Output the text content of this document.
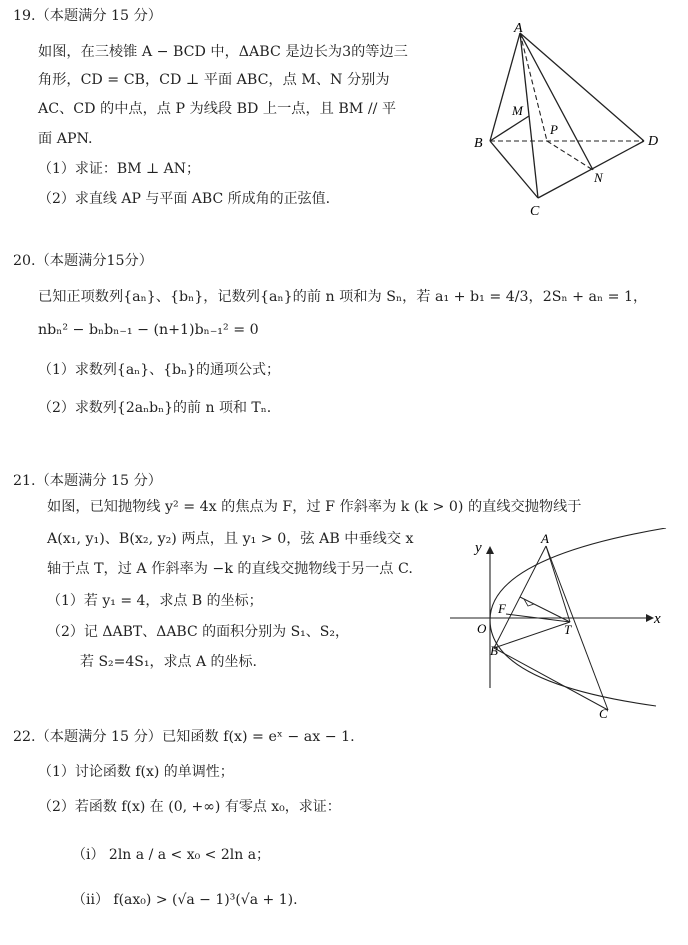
19.（本题满分 15 分）
如图，在三棱锥 A − BCD 中，ΔABC 是边长为3的等边三
角形，CD = CB，CD ⊥ 平面 ABC，点 M、N 分别为
AC、CD 的中点，点 P 为线段 BD 上一点，且 BM // 平
面 APN.
（1）求证：BM ⊥ AN；
（2）求直线 AP 与平面 ABC 所成角的正弦值.
A
B
C
D
M
P
N
20.（本题满分15分）
已知正项数列{aₙ}、{bₙ}，记数列{aₙ}的前 n 项和为 Sₙ，若 a₁ + b₁ = 4/3，2Sₙ + aₙ = 1，
nbₙ² − bₙbₙ₋₁ − (n+1)bₙ₋₁² = 0
（1）求数列{aₙ}、{bₙ}的通项公式；
（2）求数列{2aₙbₙ}的前 n 项和 Tₙ.
21.（本题满分 15 分）
如图，已知抛物线 y² = 4x 的焦点为 F，过 F 作斜率为 k (k > 0) 的直线交抛物线于
A(x₁, y₁)、B(x₂, y₂) 两点，且 y₁ > 0，弦 AB 中垂线交 x
轴于点 T，过 A 作斜率为 −k 的直线交抛物线于另一点 C.
（1）若 y₁ = 4，求点 B 的坐标；
（2）记 ΔABT、ΔABC 的面积分别为 S₁、S₂，
若 S₂=4S₁，求点 A 的坐标.
y
x
O
F
A
B
T
C
22.（本题满分 15 分）已知函数 f(x) = eˣ − ax − 1.
（1）讨论函数 f(x) 的单调性；
（2）若函数 f(x) 在 (0, +∞) 有零点 x₀，求证：
（i） 2ln a / a < x₀ < 2ln a；
（ii） f(ax₀) > (√a − 1)³(√a + 1).
